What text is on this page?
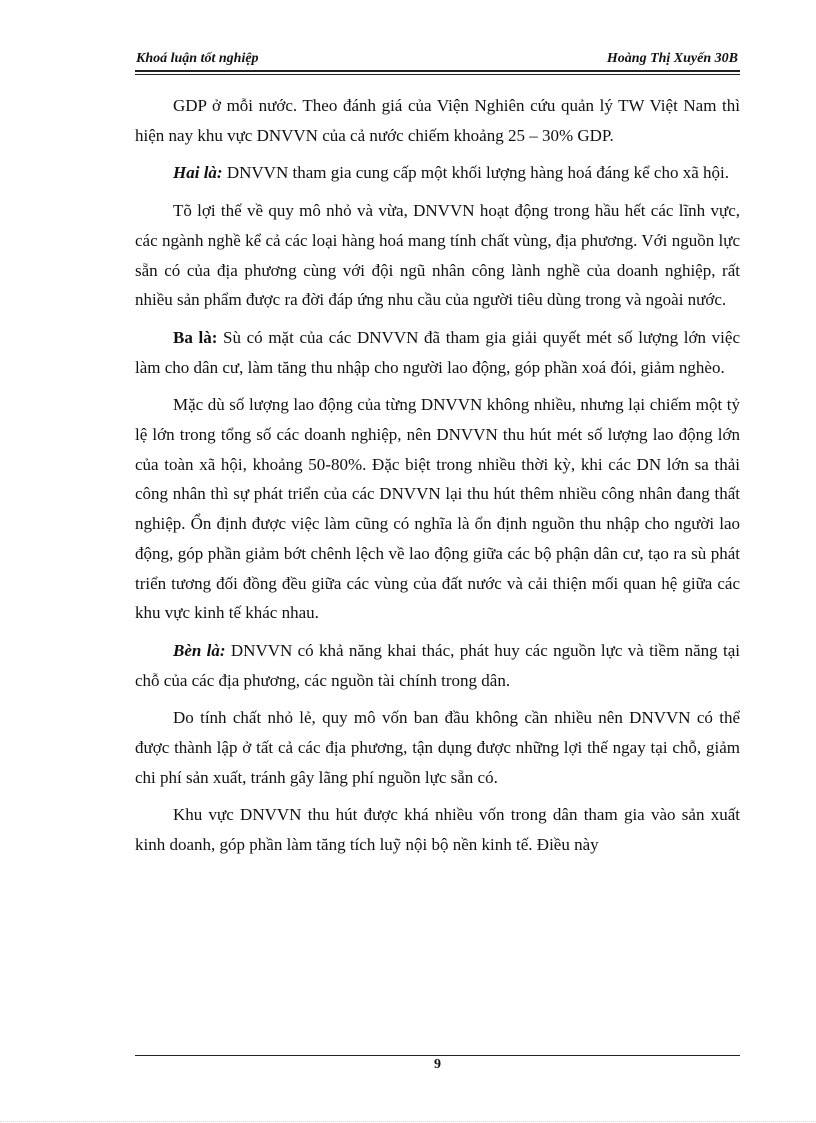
Khoá luận tốt nghiệp	Hoàng Thị Xuyến 30B

GDP ở mỗi nước. Theo đánh giá của Viện Nghiên cứu quản lý TW Việt Nam thì hiện nay khu vực DNVVN của cả nước chiếm khoảng 25 – 30% GDP.

Hai là: DNVVN tham gia cung cấp một khối lượng hàng hoá đáng kể cho xã hội.

Tõ lợi thế về quy mô nhỏ và vừa, DNVVN hoạt động trong hầu hết các lĩnh vực, các ngành nghề kể cả các loại hàng hoá mang tính chất vùng, địa phương. Với nguồn lực sẵn có của địa phương cùng với đội ngũ nhân công lành nghề của doanh nghiệp, rất nhiều sản phẩm được ra đời đáp ứng nhu cầu của người tiêu dùng trong và ngoài nước.

Ba là: Sù có mặt của các DNVVN đã tham gia giải quyết mét số lượng lớn việc làm cho dân cư, làm tăng thu nhập cho người lao động, góp phần xoá đói, giảm nghèo.

Mặc dù số lượng lao động của từng DNVVN không nhiều, nhưng lại chiếm một tỷ lệ lớn trong tổng số các doanh nghiệp, nên DNVVN thu hút mét số lượng lao động lớn của toàn xã hội, khoảng 50-80%. Đặc biệt trong nhiều thời kỳ, khi các DN lớn sa thải công nhân thì sự phát triển của các DNVVN lại thu hút thêm nhiều công nhân đang thất nghiệp. Ổn định được việc làm cũng có nghĩa là ổn định nguồn thu nhập cho người lao động, góp phần giảm bớt chênh lệch về lao động giữa các bộ phận dân cư, tạo ra sù phát triển tương đối đồng đều giữa các vùng của đất nước và cải thiện mối quan hệ giữa các khu vực kinh tế khác nhau.

Bèn là: DNVVN có khả năng khai thác, phát huy các nguồn lực và tiềm năng tại chỗ của các địa phương, các nguồn tài chính trong dân.

Do tính chất nhỏ lẻ, quy mô vốn ban đầu không cần nhiều nên DNVVN có thể được thành lập ở tất cả các địa phương, tận dụng được những lợi thế ngay tại chỗ, giảm chi phí sản xuất, tránh gây lãng phí nguồn lực sẵn có.

Khu vực DNVVN thu hút được khá nhiều vốn trong dân tham gia vào sản xuất kinh doanh, góp phần làm tăng tích luỹ nội bộ nền kinh tế. Điều này

9
